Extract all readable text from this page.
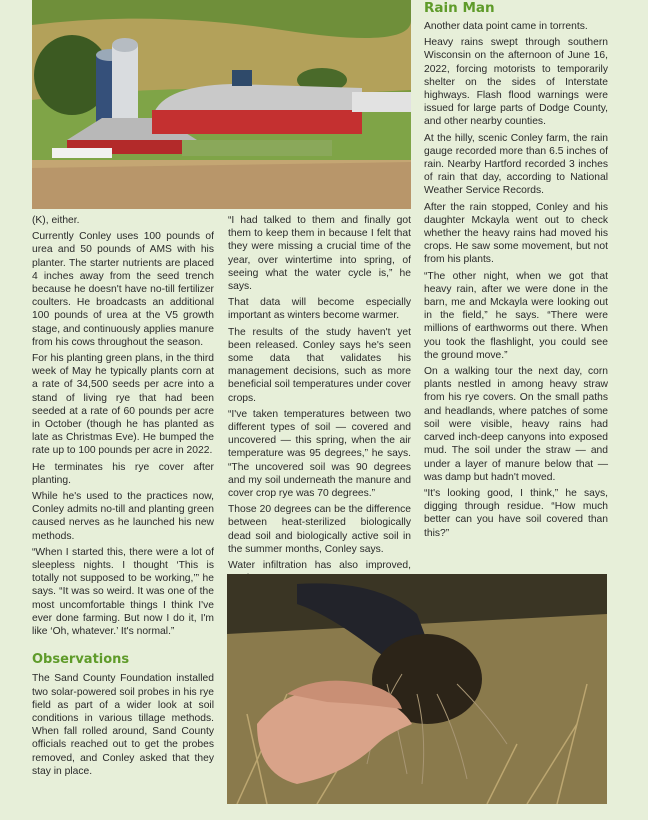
(K), either.

Currently Conley uses 100 pounds of urea and 50 pounds of AMS with his planter. The starter nutrients are placed 4 inches away from the seed trench because he doesn't have no-till fertilizer coulters. He broadcasts an additional 100 pounds of urea at the V5 growth stage, and continuously applies manure from his cows throughout the season.

For his planting green plans, in the third week of May he typically plants corn at a rate of 34,500 seeds per acre into a stand of living rye that had been seeded at a rate of 60 pounds per acre in October (though he has planted as late as Christmas Eve). He bumped the rate up to 100 pounds per acre in 2022.

He terminates his rye cover after planting.

While he's used to the practices now, Conley admits no-till and planting green caused nerves as he launched his new methods.

“When I started this, there were a lot of sleepless nights. I thought ‘This is totally not supposed to be working,’” he says. “It was so weird. It was one of the most uncomfortable things I think I've ever done farming. But now I do it, I'm like ‘Oh, whatever.’ It's normal.”

Observations

The Sand County Foundation installed two solar-powered soil probes in his rye field as part of a wider look at soil conditions in various tillage methods. When fall rolled around, Sand County officials reached out to get the probes removed, and Conley asked that they stay in place.

“I had talked to them and finally got them to keep them in because I felt that they were missing a crucial time of the year, over wintertime into spring, of seeing what the water cycle is,” he says.

That data will become especially important as winters become warmer.

The results of the study haven't yet been released. Conley says he's seen some data that validates his management decisions, such as more beneficial soil temperatures under cover crops.

“I've taken temperatures between two different types of soil — covered and uncovered — this spring, when the air temperature was 95 degrees,” he says. “The uncovered soil was 90 degrees and my soil underneath the manure and cover crop rye was 70 degrees.”

Those 20 degrees can be the difference between heat-sterilized biologically dead soil and biologically active soil in the summer months, Conley says.

Water infiltration has also improved,

Rain Man

Another data point came in torrents.

Heavy rains swept through southern Wisconsin on the afternoon of June 16, 2022, forcing motorists to temporarily shelter on the sides of Interstate highways. Flash flood warnings were issued for large parts of Dodge County, and other nearby counties.

At the hilly, scenic Conley farm, the rain gauge recorded more than 6.5 inches of rain. Nearby Hartford recorded 3 inches of rain that day, according to National Weather Service Records.

After the rain stopped, Conley and his daughter Mckayla went out to check whether the heavy rains had moved his crops. He saw some movement, but not from his plants.

“The other night, when we got that heavy rain, after we were done in the barn, me and Mckayla were looking out in the field,” he says. “There were millions of earthworms out there. When you took the flashlight, you could see the ground move.”

On a walking tour the next day, corn plants nestled in among heavy straw from his rye covers. On the small paths and headlands, where patches of some soil were visible, heavy rains had carved inch-deep canyons into exposed mud. The soil under the straw — and under a layer of manure below that — was damp but hadn't moved.

“It's looking good, I think,” he says, digging through residue. “How much better can you have soil covered than this?”
